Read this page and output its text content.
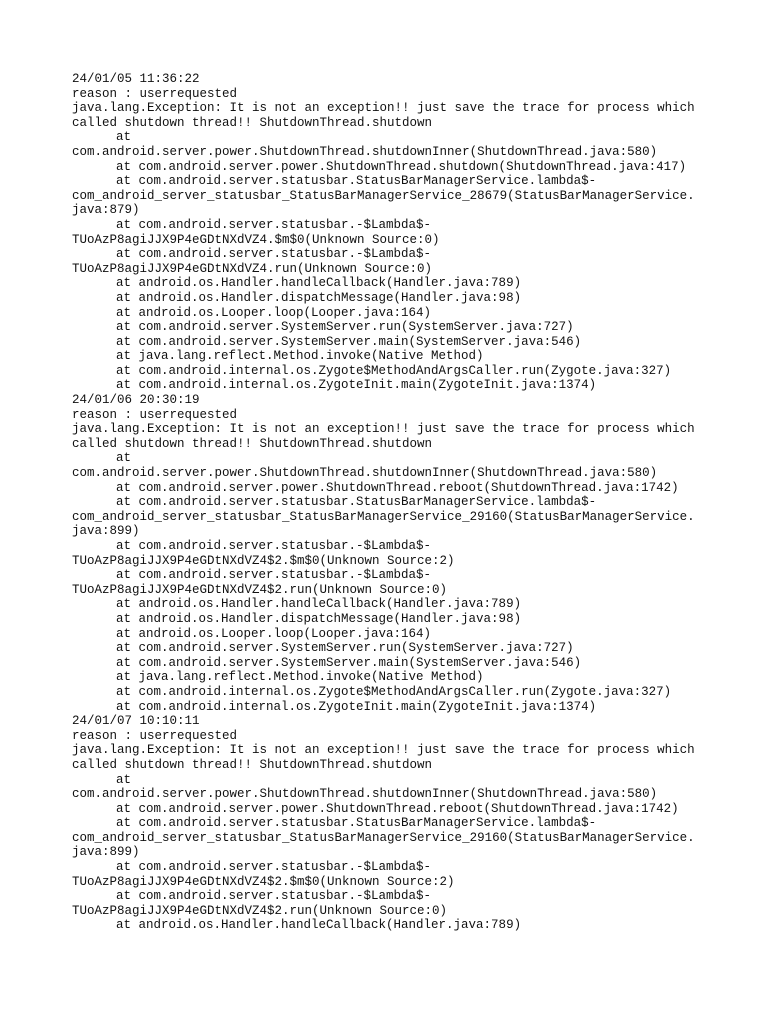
24/01/05 11:36:22
reason : userrequested
java.lang.Exception: It is not an exception!! just save the trace for process which
called shutdown thread!! ShutdownThread.shutdown
at
com.android.server.power.ShutdownThread.shutdownInner(ShutdownThread.java:580)
at com.android.server.power.ShutdownThread.shutdown(ShutdownThread.java:417)
at com.android.server.statusbar.StatusBarManagerService.lambda$-
com_android_server_statusbar_StatusBarManagerService_28679(StatusBarManagerService.
java:879)
at com.android.server.statusbar.-$Lambda$-
TUoAzP8agiJJX9P4eGDtNXdVZ4.$m$0(Unknown Source:0)
at com.android.server.statusbar.-$Lambda$-
TUoAzP8agiJJX9P4eGDtNXdVZ4.run(Unknown Source:0)
at android.os.Handler.handleCallback(Handler.java:789)
at android.os.Handler.dispatchMessage(Handler.java:98)
at android.os.Looper.loop(Looper.java:164)
at com.android.server.SystemServer.run(SystemServer.java:727)
at com.android.server.SystemServer.main(SystemServer.java:546)
at java.lang.reflect.Method.invoke(Native Method)
at com.android.internal.os.Zygote$MethodAndArgsCaller.run(Zygote.java:327)
at com.android.internal.os.ZygoteInit.main(ZygoteInit.java:1374)
24/01/06 20:30:19
reason : userrequested
java.lang.Exception: It is not an exception!! just save the trace for process which
called shutdown thread!! ShutdownThread.shutdown
at
com.android.server.power.ShutdownThread.shutdownInner(ShutdownThread.java:580)
at com.android.server.power.ShutdownThread.reboot(ShutdownThread.java:1742)
at com.android.server.statusbar.StatusBarManagerService.lambda$-
com_android_server_statusbar_StatusBarManagerService_29160(StatusBarManagerService.
java:899)
at com.android.server.statusbar.-$Lambda$-
TUoAzP8agiJJX9P4eGDtNXdVZ4$2.$m$0(Unknown Source:2)
at com.android.server.statusbar.-$Lambda$-
TUoAzP8agiJJX9P4eGDtNXdVZ4$2.run(Unknown Source:0)
at android.os.Handler.handleCallback(Handler.java:789)
at android.os.Handler.dispatchMessage(Handler.java:98)
at android.os.Looper.loop(Looper.java:164)
at com.android.server.SystemServer.run(SystemServer.java:727)
at com.android.server.SystemServer.main(SystemServer.java:546)
at java.lang.reflect.Method.invoke(Native Method)
at com.android.internal.os.Zygote$MethodAndArgsCaller.run(Zygote.java:327)
at com.android.internal.os.ZygoteInit.main(ZygoteInit.java:1374)
24/01/07 10:10:11
reason : userrequested
java.lang.Exception: It is not an exception!! just save the trace for process which
called shutdown thread!! ShutdownThread.shutdown
at
com.android.server.power.ShutdownThread.shutdownInner(ShutdownThread.java:580)
at com.android.server.power.ShutdownThread.reboot(ShutdownThread.java:1742)
at com.android.server.statusbar.StatusBarManagerService.lambda$-
com_android_server_statusbar_StatusBarManagerService_29160(StatusBarManagerService.
java:899)
at com.android.server.statusbar.-$Lambda$-
TUoAzP8agiJJX9P4eGDtNXdVZ4$2.$m$0(Unknown Source:2)
at com.android.server.statusbar.-$Lambda$-
TUoAzP8agiJJX9P4eGDtNXdVZ4$2.run(Unknown Source:0)
at android.os.Handler.handleCallback(Handler.java:789)
